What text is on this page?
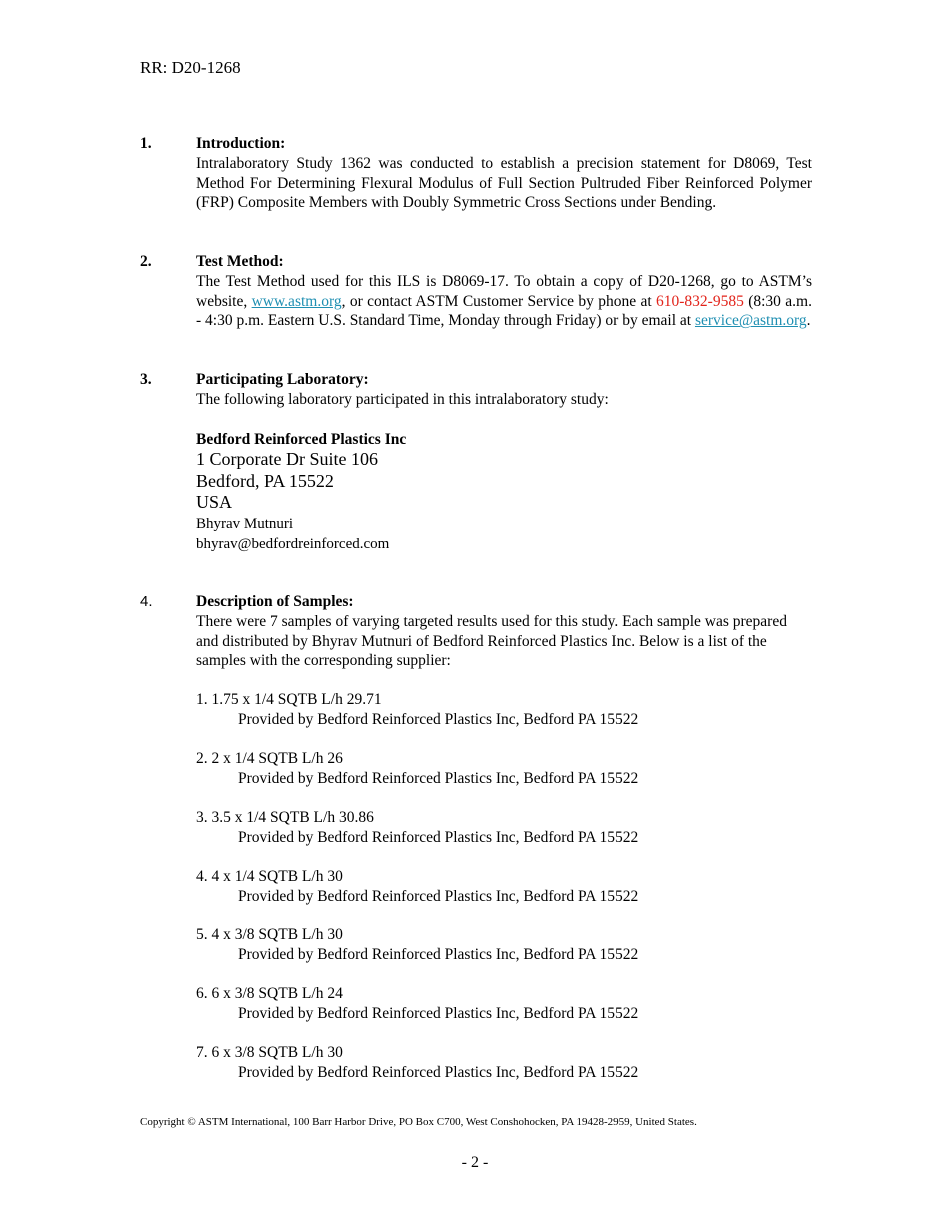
RR: D20-1268
1.	Introduction:
Intralaboratory Study 1362 was conducted to establish a precision statement for D8069, Test Method For Determining Flexural Modulus of Full Section Pultruded Fiber Reinforced Polymer (FRP) Composite Members with Doubly Symmetric Cross Sections under Bending.
2.	Test Method:
The Test Method used for this ILS is D8069-17. To obtain a copy of D20-1268, go to ASTM’s website, www.astm.org, or contact ASTM Customer Service by phone at 610-832-9585 (8:30 a.m. - 4:30 p.m. Eastern U.S. Standard Time, Monday through Friday) or by email at service@astm.org.
3.	Participating Laboratory:
The following laboratory participated in this intralaboratory study:
Bedford Reinforced Plastics Inc
1 Corporate Dr Suite 106
Bedford, PA 15522
USA
Bhyrav Mutnuri
bhyrav@bedfordreinforced.com
4.	Description of Samples:
There were 7 samples of varying targeted results used for this study. Each sample was prepared and distributed by Bhyrav Mutnuri of Bedford Reinforced Plastics Inc. Below is a list of the samples with the corresponding supplier:
1. 1.75 x 1/4 SQTB L/h 29.71
Provided by Bedford Reinforced Plastics Inc, Bedford PA 15522
2. 2 x 1/4 SQTB L/h 26
Provided by Bedford Reinforced Plastics Inc, Bedford PA 15522
3. 3.5 x 1/4 SQTB L/h 30.86
Provided by Bedford Reinforced Plastics Inc, Bedford PA 15522
4. 4 x 1/4 SQTB L/h 30
Provided by Bedford Reinforced Plastics Inc, Bedford PA 15522
5. 4 x 3/8 SQTB L/h 30
Provided by Bedford Reinforced Plastics Inc, Bedford PA 15522
6. 6 x 3/8 SQTB L/h 24
Provided by Bedford Reinforced Plastics Inc, Bedford PA 15522
7. 6 x 3/8 SQTB L/h 30
Provided by Bedford Reinforced Plastics Inc, Bedford PA 15522
Copyright © ASTM International, 100 Barr Harbor Drive, PO Box C700, West Conshohocken, PA 19428-2959, United States.
- 2 -
